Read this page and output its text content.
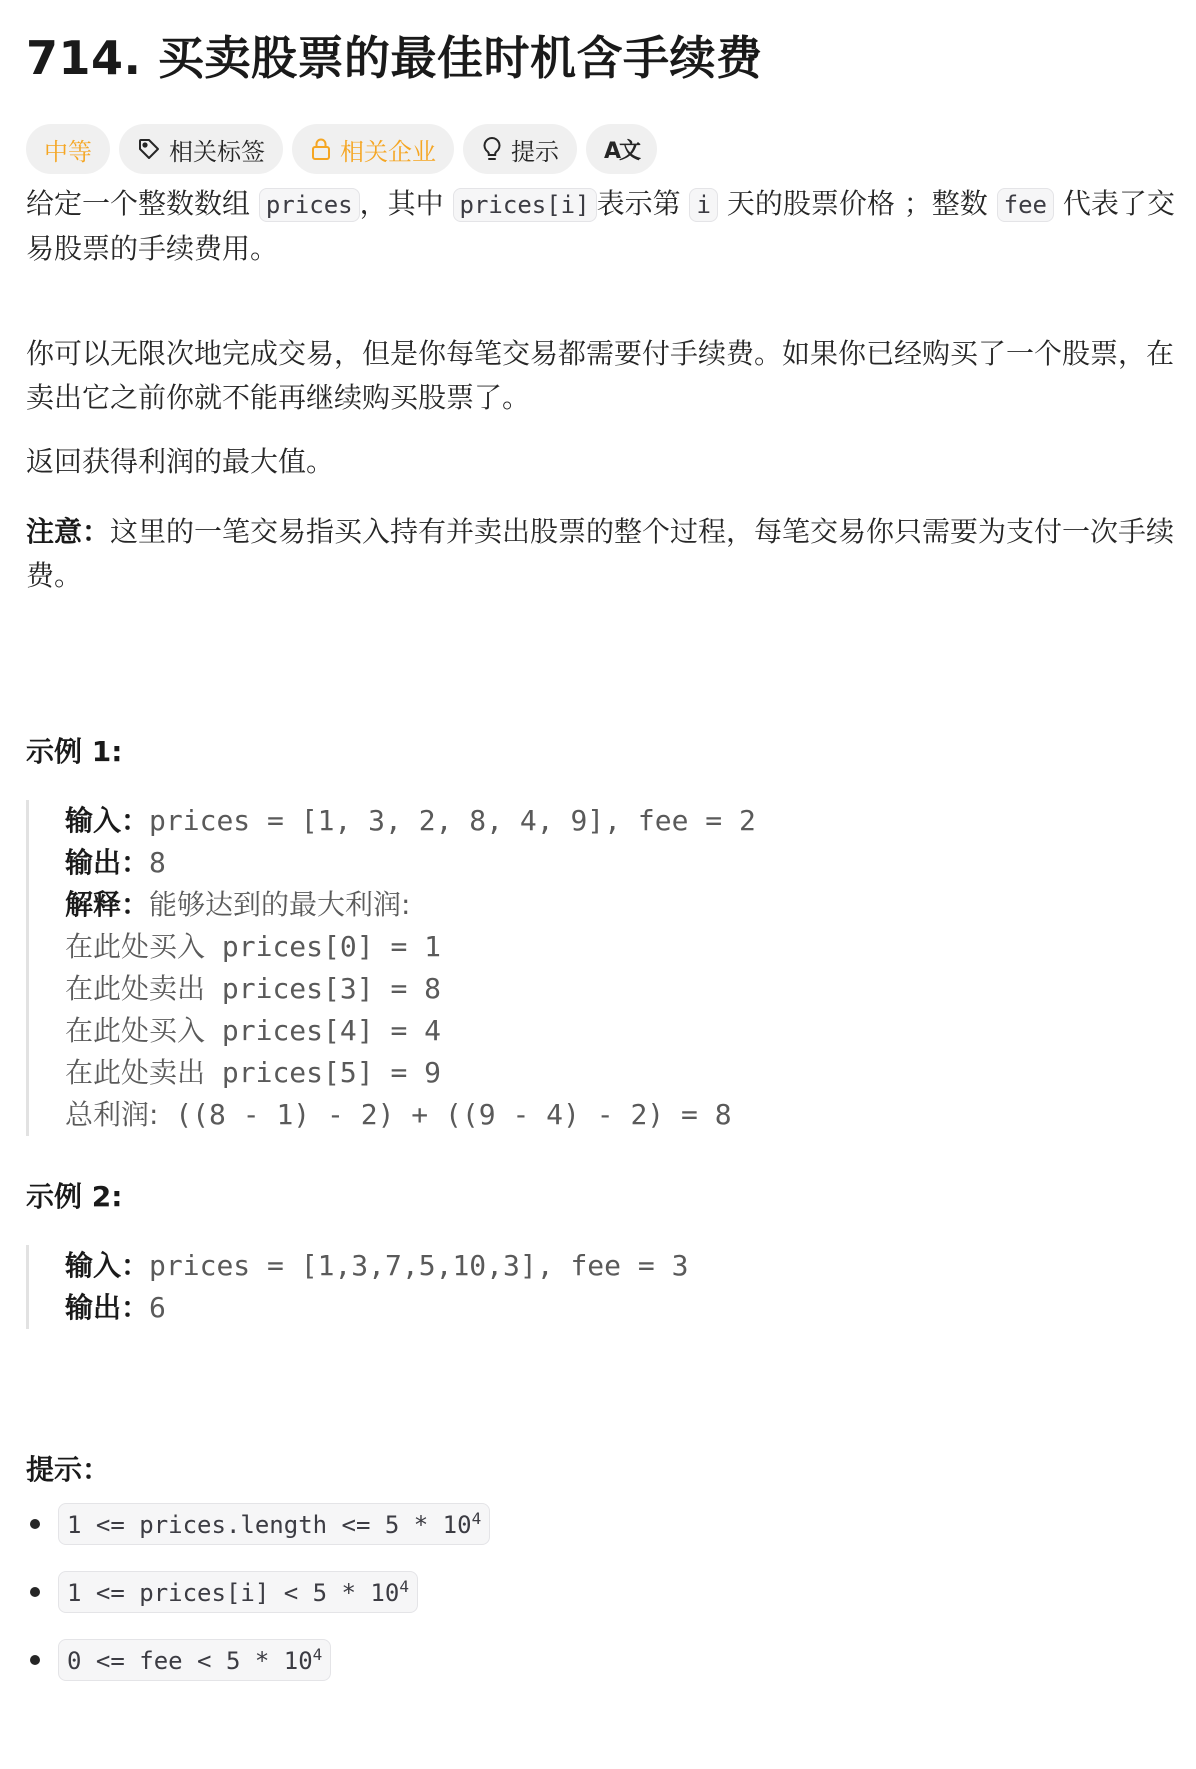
714. 买卖股票的最佳时机含手续费
中等	相关标签	相关企业	提示 A文

给定一个整数数组 prices ，其中 prices[i] 表示第 i 天的股票价格 ；整数 fee 代表了交易股票的手续费用。

你可以无限次地完成交易，但是你每笔交易都需要付手续费。如果你已经购买了一个股票，在卖出它之前你就不能再继续购买股票了。

返回获得利润的最大值。

注意：这里的一笔交易指买入持有并卖出股票的整个过程，每笔交易你只需要为支付一次手续费。

示例 1:
输入：prices = [1, 3, 2, 8, 4, 9], fee = 2
输出：8
解释：能够达到的最大利润:
在此处买入 prices[0] = 1
在此处卖出 prices[3] = 8
在此处买入 prices[4] = 4
在此处卖出 prices[5] = 9
总利润: ((8 - 1) - 2) + ((9 - 4) - 2) = 8
示例 2:
输入：prices = [1,3,7,5,10,3], fee = 3
输出：6
提示：
1 <= prices.length <= $5 * 10^4$
1 <= prices[i] < $5 * 10^4$
0 <= fee < $5 * 10^4$
